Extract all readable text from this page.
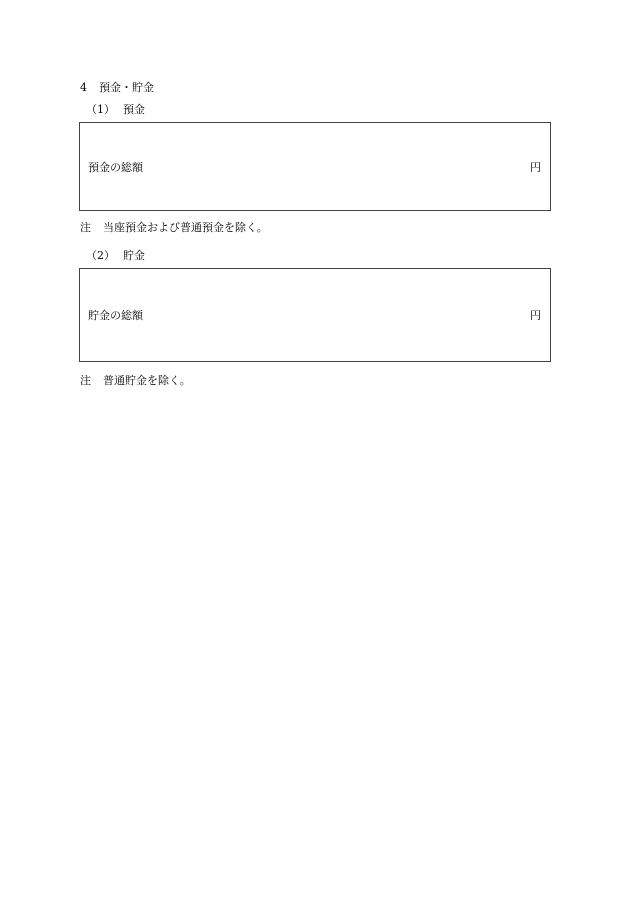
4 預金・貯金
（1） 預金
預金の総額	円
注 当座預金および普通預金を除く。
（2） 貯金
貯金の総額	円
注 普通貯金を除く。
